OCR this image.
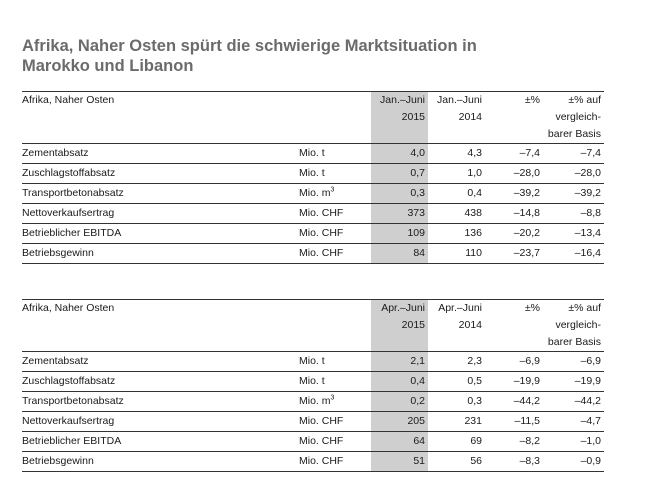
Afrika, Naher Osten spürt die schwierige Marktsituation in
Marokko und Libanon
Afrika, Naher Osten		Jan.–Juni	Jan.–Juni	±%	±% auf
		2015	2014		vergleich-
					barer Basis
Zementabsatz	Mio. t	4,0	4,3	–7,4	–7,4
Zuschlagstoffabsatz	Mio. t	0,7	1,0	–28,0	–28,0
Transportbetonabsatz	Mio. $m^3$	0,3	0,4	–39,2	–39,2
Nettoverkaufsertrag	Mio. CHF	373	438	–14,8	–8,8
Betrieblicher EBITDA	Mio. CHF	109	136	–20,2	–13,4
Betriebsgewinn	Mio. CHF	84	110	–23,7	–16,4
Afrika, Naher Osten		Apr.–Juni	Apr.–Juni	±%	±% auf
		2015	2014		vergleich-
					barer Basis
Zementabsatz	Mio. t	2,1	2,3	–6,9	–6,9
Zuschlagstoffabsatz	Mio. t	0,4	0,5	–19,9	–19,9
Transportbetonabsatz	Mio. $m^3$	0,2	0,3	–44,2	–44,2
Nettoverkaufsertrag	Mio. CHF	205	231	–11,5	–4,7
Betrieblicher EBITDA	Mio. CHF	64	69	–8,2	–1,0
Betriebsgewinn	Mio. CHF	51	56	–8,3	–0,9
